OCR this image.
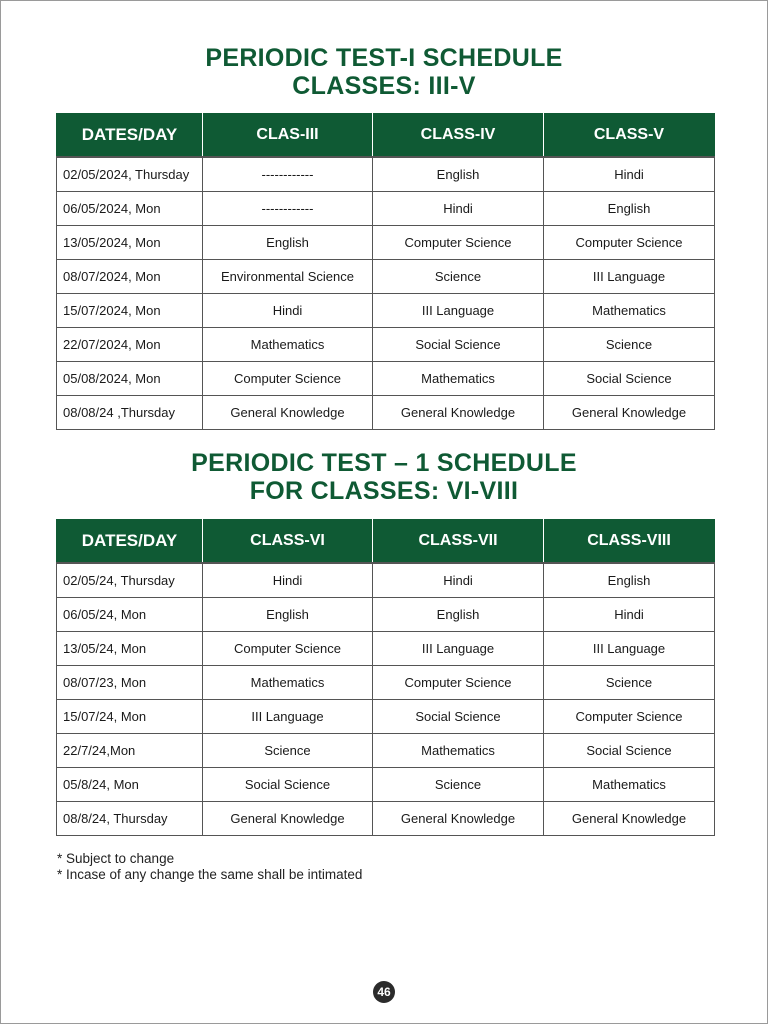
PERIODIC TEST-I SCHEDULE
CLASSES: III-V
DATES/DAY	CLAS-III	CLASS-IV	CLASS-V
02/05/2024, Thursday	------------	English	Hindi
06/05/2024, Mon	------------	Hindi	English
13/05/2024, Mon	English	Computer Science	Computer Science
08/07/2024, Mon	Environmental Science	Science	III Language
15/07/2024, Mon	Hindi	III Language	Mathematics
22/07/2024, Mon	Mathematics	Social Science	Science
05/08/2024, Mon	Computer Science	Mathematics	Social Science
08/08/24 ,Thursday	General Knowledge	General Knowledge	General Knowledge
PERIODIC TEST – 1 SCHEDULE
FOR CLASSES: VI-VIII
DATES/DAY	CLASS-VI	CLASS-VII	CLASS-VIII
02/05/24, Thursday	Hindi	Hindi	English
06/05/24, Mon	English	English	Hindi
13/05/24, Mon	Computer Science	III Language	III Language
08/07/23, Mon	Mathematics	Computer Science	Science
15/07/24, Mon	III Language	Social Science	Computer Science
22/7/24,Mon	Science	Mathematics	Social Science
05/8/24, Mon	Social Science	Science	Mathematics
08/8/24, Thursday	General Knowledge	General Knowledge	General Knowledge
* Subject to change
* Incase of any change the same shall be intimated
46
